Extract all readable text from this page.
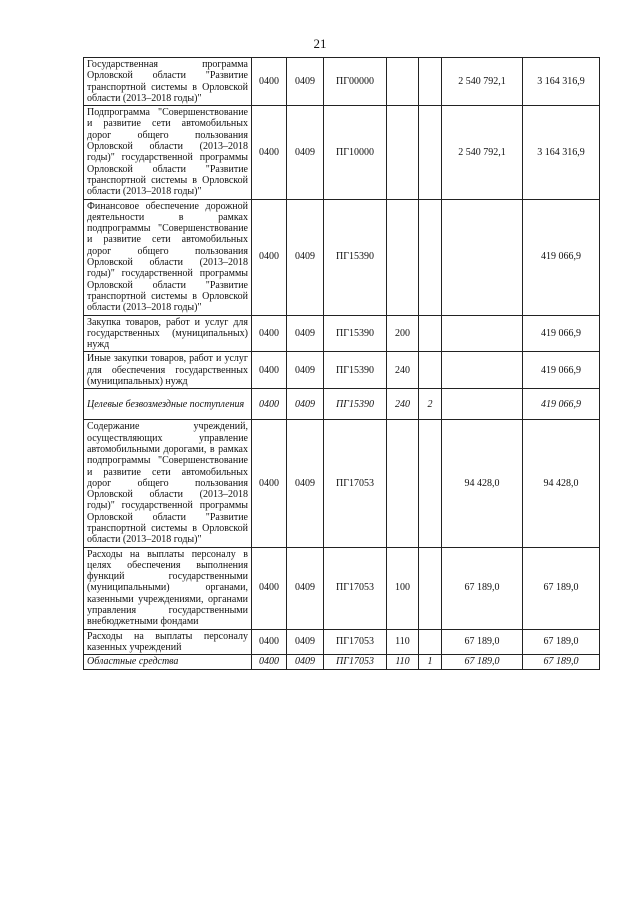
21
Государственная программа Орловской области "Развитие транспортной системы в Орловской области (2013–2018 годы)"	0400	0409	ПГ00000			2 540 792,1	3 164 316,9
Подпрограмма "Совершенствование и развитие сети автомобильных дорог общего пользования Орловской области (2013–2018 годы)" государственной программы Орловской области "Развитие транспортной системы в Орловской области (2013–2018 годы)"	0400	0409	ПГ10000			2 540 792,1	3 164 316,9
Финансовое обеспечение дорожной деятельности в рамках подпрограммы "Совершенствование и развитие сети автомобильных дорог общего пользования Орловской области (2013–2018 годы)" государственной программы Орловской области "Развитие транспортной системы в Орловской области (2013–2018 годы)"	0400	0409	ПГ15390				419 066,9
Закупка товаров, работ и услуг для государственных (муниципальных) нужд	0400	0409	ПГ15390	200			419 066,9
Иные закупки товаров, работ и услуг для обеспечения государственных (муниципальных) нужд	0400	0409	ПГ15390	240			419 066,9
Целевые безвозмездные поступления	0400	0409	ПГ15390	240	2		419 066,9
Содержание учреждений, осуществляющих управление автомобильными дорогами, в рамках подпрограммы "Совершенствование и развитие сети автомобильных дорог общего пользования Орловской области (2013–2018 годы)" государственной программы Орловской области "Развитие транспортной системы в Орловской области (2013–2018 годы)"	0400	0409	ПГ17053			94 428,0	94 428,0
Расходы на выплаты персоналу в целях обеспечения выполнения функций государственными (муниципальными) органами, казенными учреждениями, органами управления государственными внебюджетными фондами	0400	0409	ПГ17053	100		67 189,0	67 189,0
Расходы на выплаты персоналу казенных учреждений	0400	0409	ПГ17053	110		67 189,0	67 189,0
Областные средства	0400	0409	ПГ17053	110	1	67 189,0	67 189,0
